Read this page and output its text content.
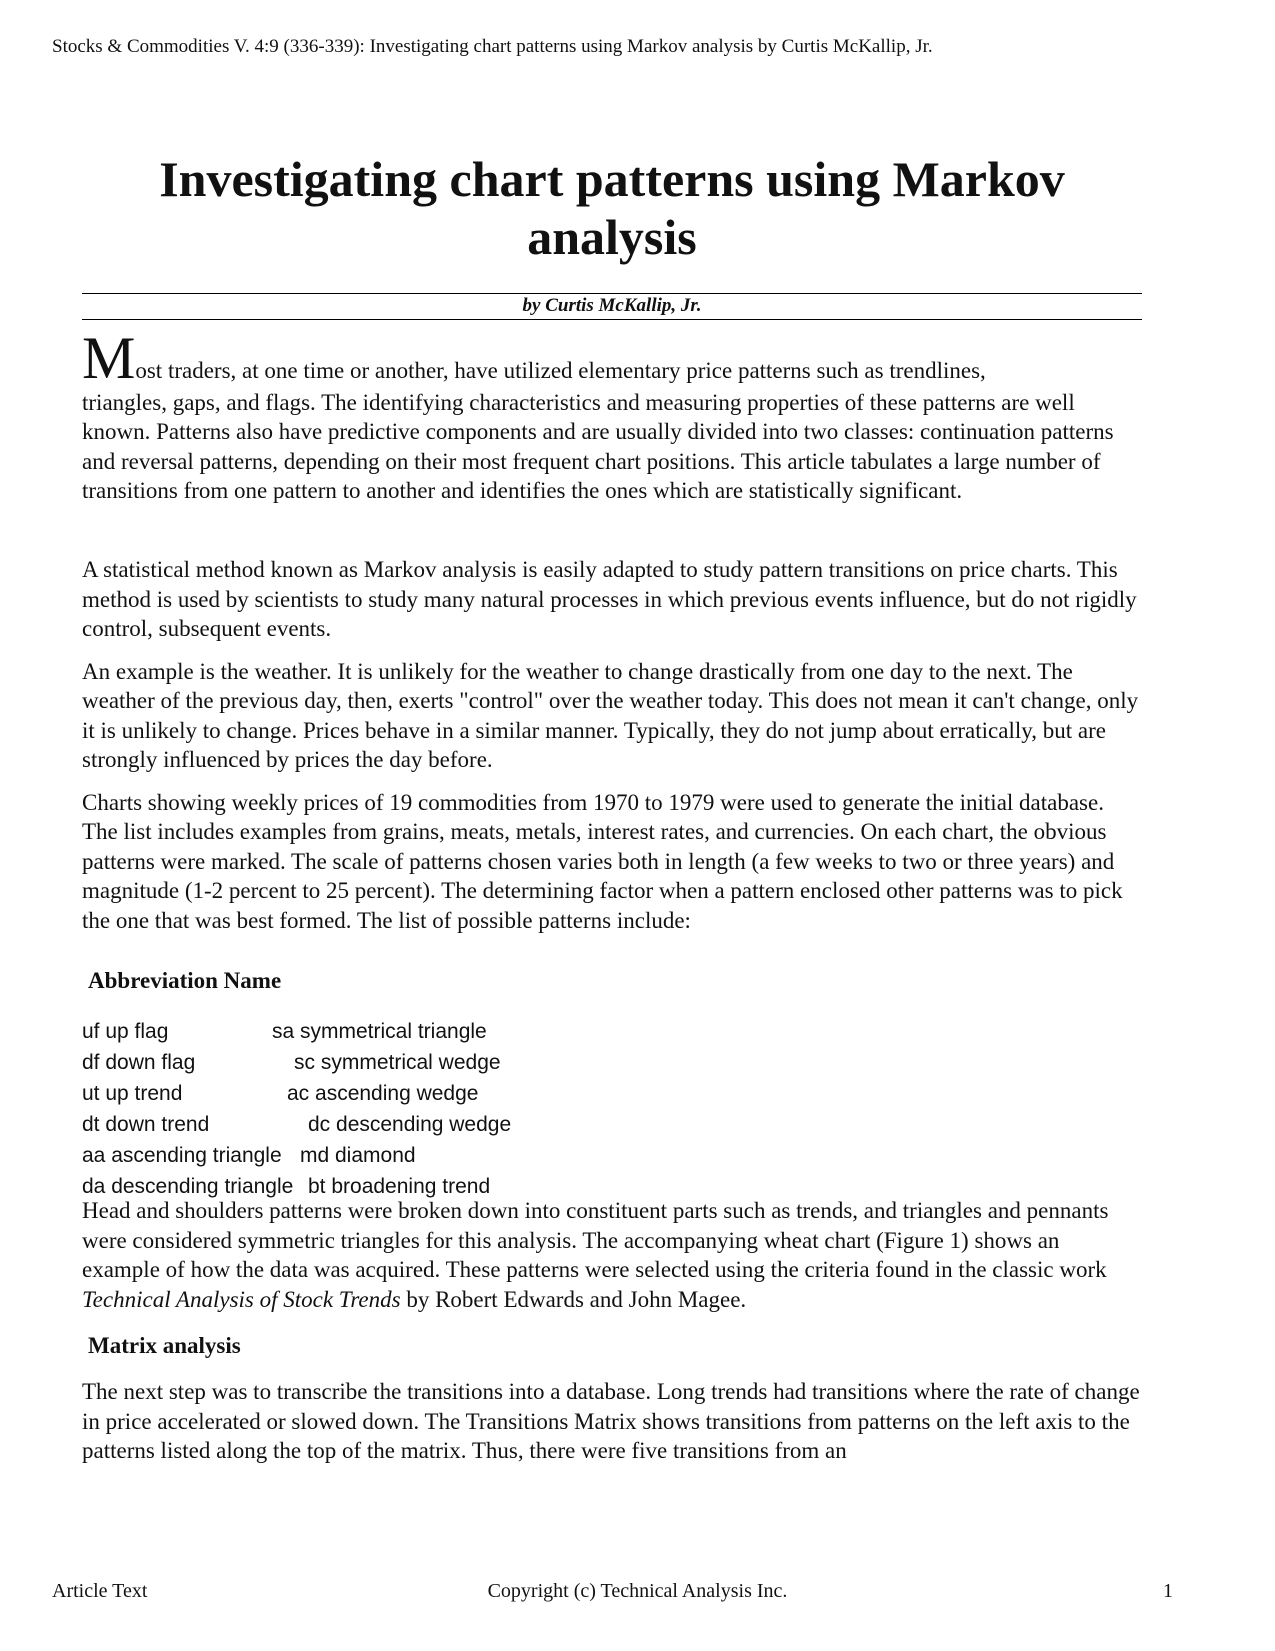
Stocks & Commodities V. 4:9 (336-339): Investigating chart patterns using Markov analysis by Curtis McKallip, Jr.
Investigating chart patterns using Markov
analysis
by Curtis McKallip, Jr.
Most traders, at one time or another, have utilized elementary price patterns such as trendlines,
triangles, gaps, and flags. The identifying characteristics and measuring properties of these patterns are well known. Patterns also have predictive components and are usually divided into two classes: continuation patterns and reversal patterns, depending on their most frequent chart positions. This article tabulates a large number of transitions from one pattern to another and identifies the ones which are statistically significant.

A statistical method known as Markov analysis is easily adapted to study pattern transitions on price charts. This method is used by scientists to study many natural processes in which previous events influence, but do not rigidly control, subsequent events.

An example is the weather. It is unlikely for the weather to change drastically from one day to the next. The weather of the previous day, then, exerts "control" over the weather today. This does not mean it can't change, only it is unlikely to change. Prices behave in a similar manner. Typically, they do not jump about erratically, but are strongly influenced by prices the day before.

Charts showing weekly prices of 19 commodities from 1970 to 1979 were used to generate the initial database. The list includes examples from grains, meats, metals, interest rates, and currencies. On each chart, the obvious patterns were marked. The scale of patterns chosen varies both in length (a few weeks to two or three years) and magnitude (1-2 percent to 25 percent). The determining factor when a pattern enclosed other patterns was to pick the one that was best formed. The list of possible patterns include:

Abbreviation Name
uf up flag	sa symmetrical triangle
df down flag	sc symmetrical wedge
ut up trend	ac ascending wedge
dt down trend	dc descending wedge
aa ascending triangle md diamond
da descending triangle bt broadening trend

Head and shoulders patterns were broken down into constituent parts such as trends, and triangles and pennants were considered symmetric triangles for this analysis. The accompanying wheat chart (Figure 1) shows an example of how the data was acquired. These patterns were selected using the criteria found in the classic work Technical Analysis of Stock Trends by Robert Edwards and John Magee.

Matrix analysis

The next step was to transcribe the transitions into a database. Long trends had transitions where the rate of change in price accelerated or slowed down. The Transitions Matrix shows transitions from patterns on the left axis to the patterns listed along the top of the matrix. Thus, there were five transitions from an

Article Text	Copyright (c) Technical Analysis Inc.	1
